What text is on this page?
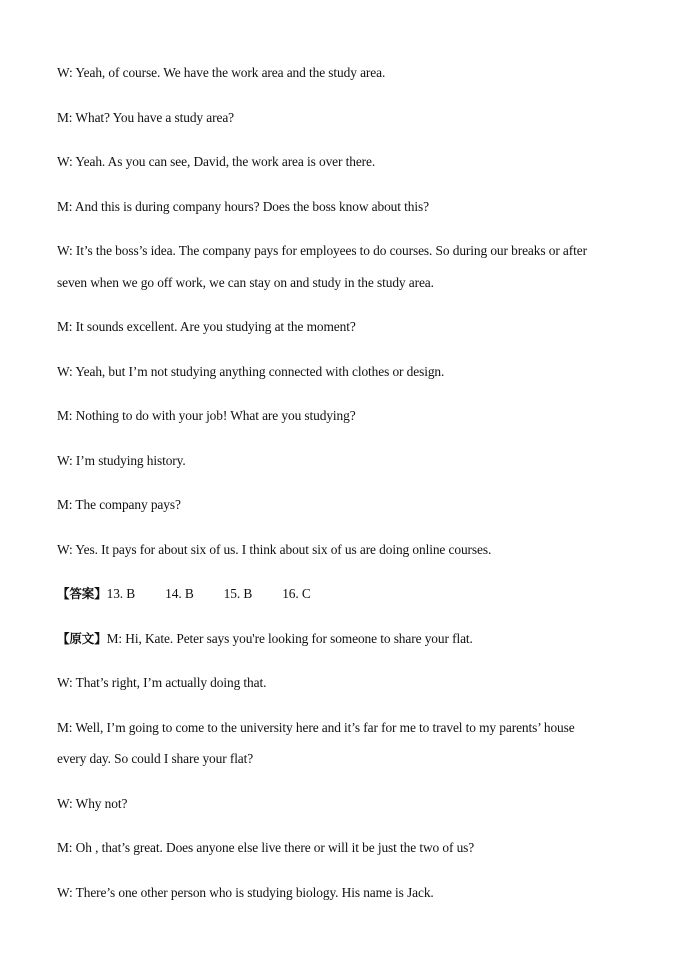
W: Yeah, of course. We have the work area and the study area.
M: What? You have a study area?
W: Yeah. As you can see, David, the work area is over there.
M: And this is during company hours? Does the boss know about this?
W: It’s the boss’s idea. The company pays for employees to do courses. So during our breaks or after
seven when we go off work, we can stay on and study in the study area.
M: It sounds excellent. Are you studying at the moment?
W: Yeah, but I’m not studying anything connected with clothes or design.
M: Nothing to do with your job! What are you studying?
W: I’m studying history.
M: The company pays?
W: Yes. It pays for about six of us. I think about six of us are doing online courses.
【答案】13. B 14. B 15. B 16. C
【原文】M: Hi, Kate. Peter says you're looking for someone to share your flat.
W: That’s right, I’m actually doing that.
M: Well, I’m going to come to the university here and it’s far for me to travel to my parents’ house
every day. So could I share your flat?
W: Why not?
M: Oh , that’s great. Does anyone else live there or will it be just the two of us?
W: There’s one other person who is studying biology. His name is Jack.
